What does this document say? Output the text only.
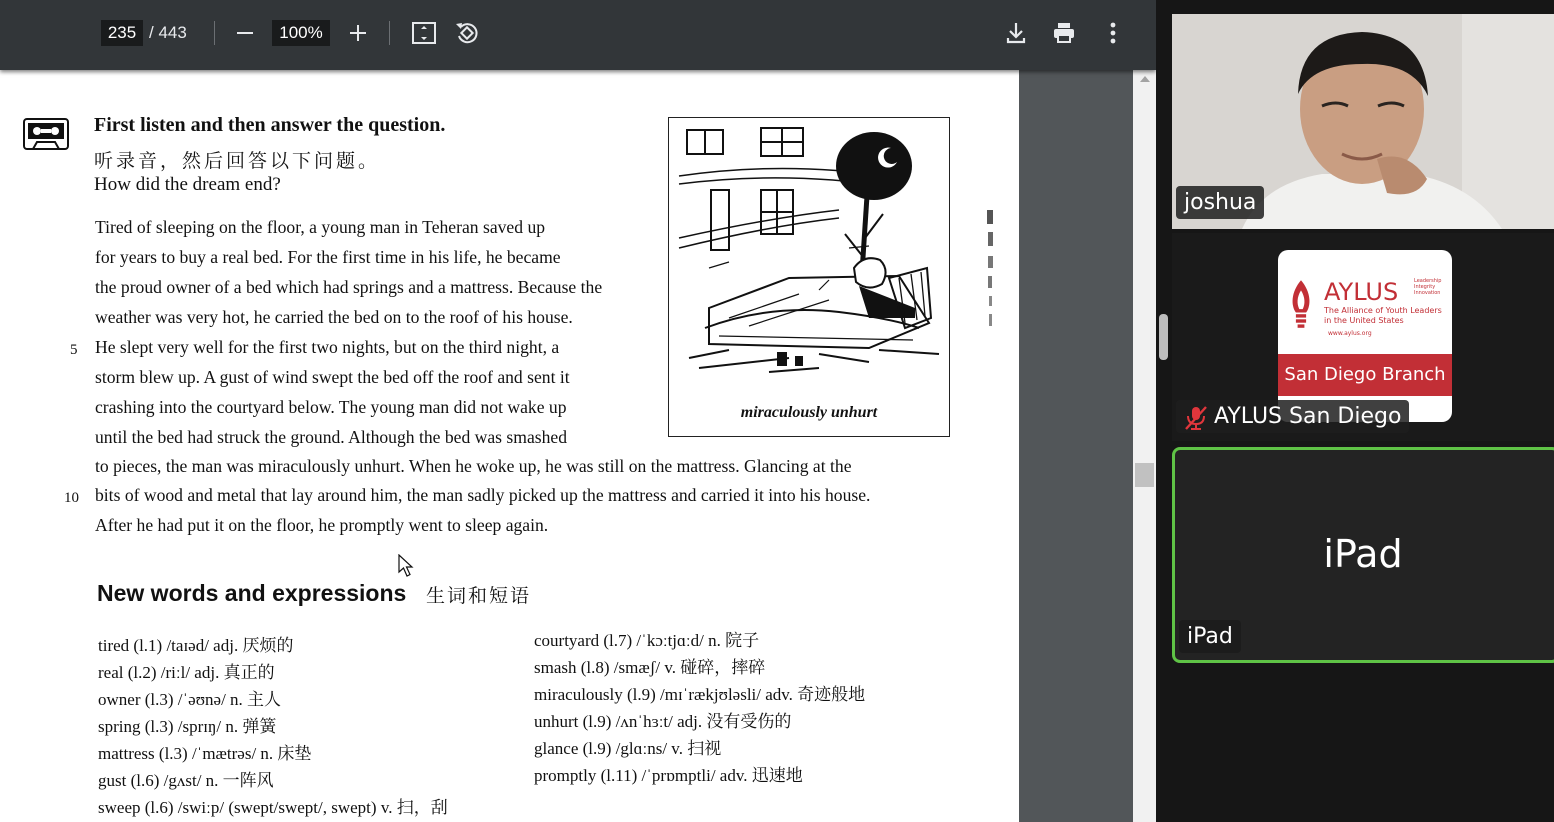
235 / 443	100%
First listen and then answer the question.
听录音，然后回答以下问题。
How did the dream end?
Tired of sleeping on the floor, a young man in Teheran saved up
for years to buy a real bed. For the first time in his life, he became
the proud owner of a bed which had springs and a mattress. Because the
weather was very hot, he carried the bed on to the roof of his house.
5 He slept very well for the first two nights, but on the third night, a
storm blew up. A gust of wind swept the bed off the roof and sent it
crashing into the courtyard below. The young man did not wake up
until the bed had struck the ground. Although the bed was smashed
to pieces, the man was miraculously unhurt. When he woke up, he was still on the mattress. Glancing at the
10 bits of wood and metal that lay around him, the man sadly picked up the mattress and carried it into his house.
After he had put it on the floor, he promptly went to sleep again.
miraculously unhurt
New words and expressions 生词和短语
tired (l.1) /taɪəd/ adj. 厌烦的
real (l.2) /riːl/ adj. 真正的
owner (l.3) /ˈəʊnə/ n. 主人
spring (l.3) /sprɪŋ/ n. 弹簧
mattress (l.3) /ˈmætrəs/ n. 床垫
gust (l.6) /gʌst/ n. 一阵风
sweep (l.6) /swiːp/ (swept/swept/, swept) v. 扫，刮
courtyard (l.7) /ˈkɔːtjɑːd/ n. 院子
smash (l.8) /smæʃ/ v. 碰碎，摔碎
miraculously (l.9) /mɪˈrækjʊləsli/ adv. 奇迹般地
unhurt (l.9) /ʌnˈhɜːt/ adj. 没有受伤的
glance (l.9) /glɑːns/ v. 扫视
promptly (l.11) /ˈprɒmptli/ adv. 迅速地
joshua
AYLUS	Leadership
Integrity
Innovation
The Alliance of Youth Leaders
in the United States
www.aylus.org
San Diego Branch
AYLUS San Diego
iPad
iPad
